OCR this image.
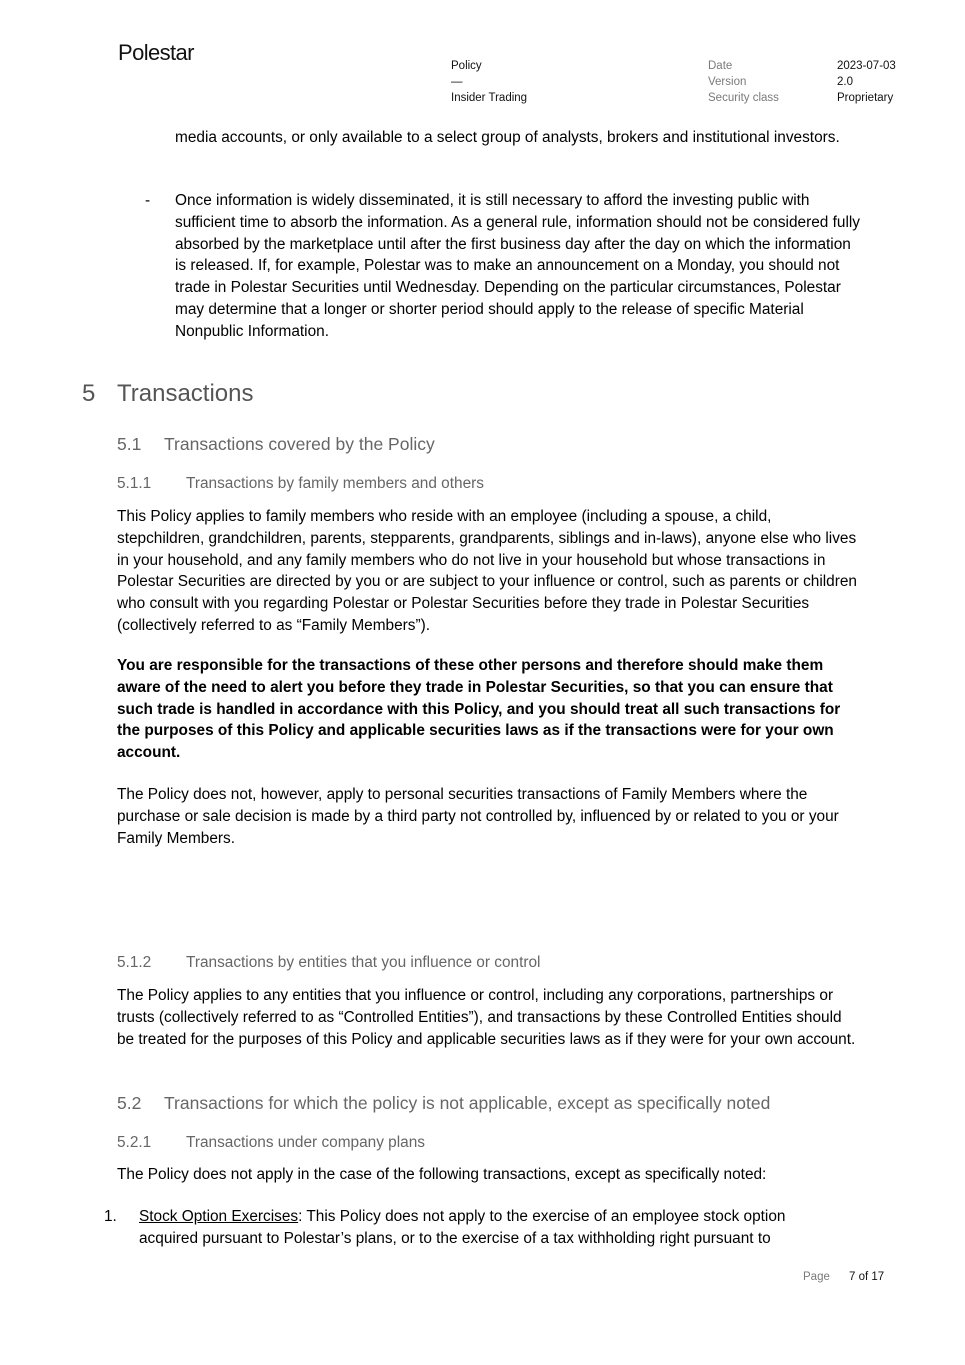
Polestar
Policy
—
Insider Trading
Date
Version
Security class
2023-07-03
2.0
Proprietary

media accounts, or only available to a select group of analysts, brokers and institutional investors.

- Once information is widely disseminated, it is still necessary to afford the investing public with sufficient time to absorb the information. As a general rule, information should not be considered fully absorbed by the marketplace until after the first business day after the day on which the information is released. If, for example, Polestar was to make an announcement on a Monday, you should not trade in Polestar Securities until Wednesday. Depending on the particular circumstances, Polestar may determine that a longer or shorter period should apply to the release of specific Material Nonpublic Information.

5 Transactions
5.1 Transactions covered by the Policy
5.1.1 Transactions by family members and others

This Policy applies to family members who reside with an employee (including a spouse, a child, stepchildren, grandchildren, parents, stepparents, grandparents, siblings and in-laws), anyone else who lives in your household, and any family members who do not live in your household but whose transactions in Polestar Securities are directed by you or are subject to your influence or control, such as parents or children who consult with you regarding Polestar or Polestar Securities before they trade in Polestar Securities (collectively referred to as “Family Members”).

You are responsible for the transactions of these other persons and therefore should make them aware of the need to alert you before they trade in Polestar Securities, so that you can ensure that such trade is handled in accordance with this Policy, and you should treat all such transactions for the purposes of this Policy and applicable securities laws as if the transactions were for your own account.

The Policy does not, however, apply to personal securities transactions of Family Members where the purchase or sale decision is made by a third party not controlled by, influenced by or related to you or your Family Members.

5.1.2 Transactions by entities that you influence or control

The Policy applies to any entities that you influence or control, including any corporations, partnerships or trusts (collectively referred to as “Controlled Entities”), and transactions by these Controlled Entities should be treated for the purposes of this Policy and applicable securities laws as if they were for your own account.

5.2 Transactions for which the policy is not applicable, except as specifically noted
5.2.1 Transactions under company plans

The Policy does not apply in the case of the following transactions, except as specifically noted:

1. Stock Option Exercises: This Policy does not apply to the exercise of an employee stock option acquired pursuant to Polestar’s plans, or to the exercise of a tax withholding right pursuant to

Page 7 of 17
